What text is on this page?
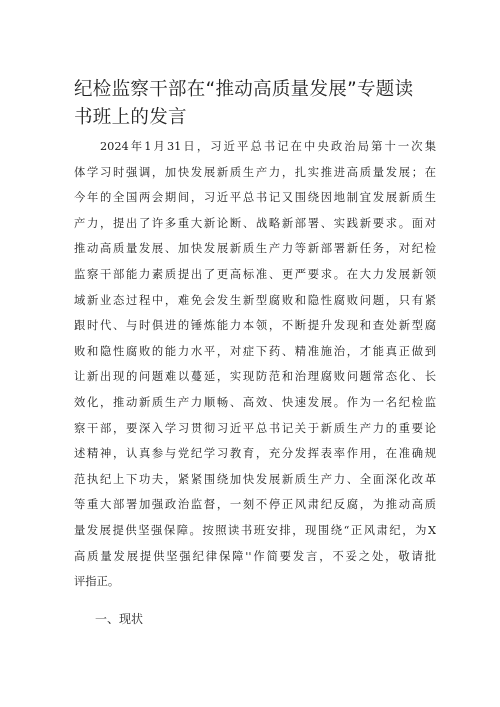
纪检监察干部在“推动高质量发展”专题读
书班上的发言
2024年1月31日，习近平总书记在中央政治局第十一次集
体学习时强调，加快发展新质生产力，扎实推进高质量发展；在
今年的全国两会期间，习近平总书记又围绕因地制宜发展新质生
产力，提出了许多重大新论断、战略新部署、实践新要求。面对
推动高质量发展、加快发展新质生产力等新部署新任务，对纪检
监察干部能力素质提出了更高标准、更严要求。在大力发展新领
域新业态过程中，难免会发生新型腐败和隐性腐败问题，只有紧
跟时代、与时俱进的锤炼能力本领，不断提升发现和查处新型腐
败和隐性腐败的能力水平，对症下药、精准施治，才能真正做到
让新出现的问题难以蔓延，实现防范和治理腐败问题常态化、长
效化，推动新质生产力顺畅、高效、快速发展。作为一名纪检监
察干部，要深入学习贯彻习近平总书记关于新质生产力的重要论
述精神，认真参与党纪学习教育，充分发挥表率作用，在准确规
范执纪上下功夫，紧紧围绕加快发展新质生产力、全面深化改革
等重大部署加强政治监督，一刻不停正风肃纪反腐，为推动高质
量发展提供坚强保障。按照读书班安排，现围绕“正风肃纪，为X
高质量发展提供坚强纪律保障''作简要发言，不妥之处，敬请批
评指正。
一、现状
